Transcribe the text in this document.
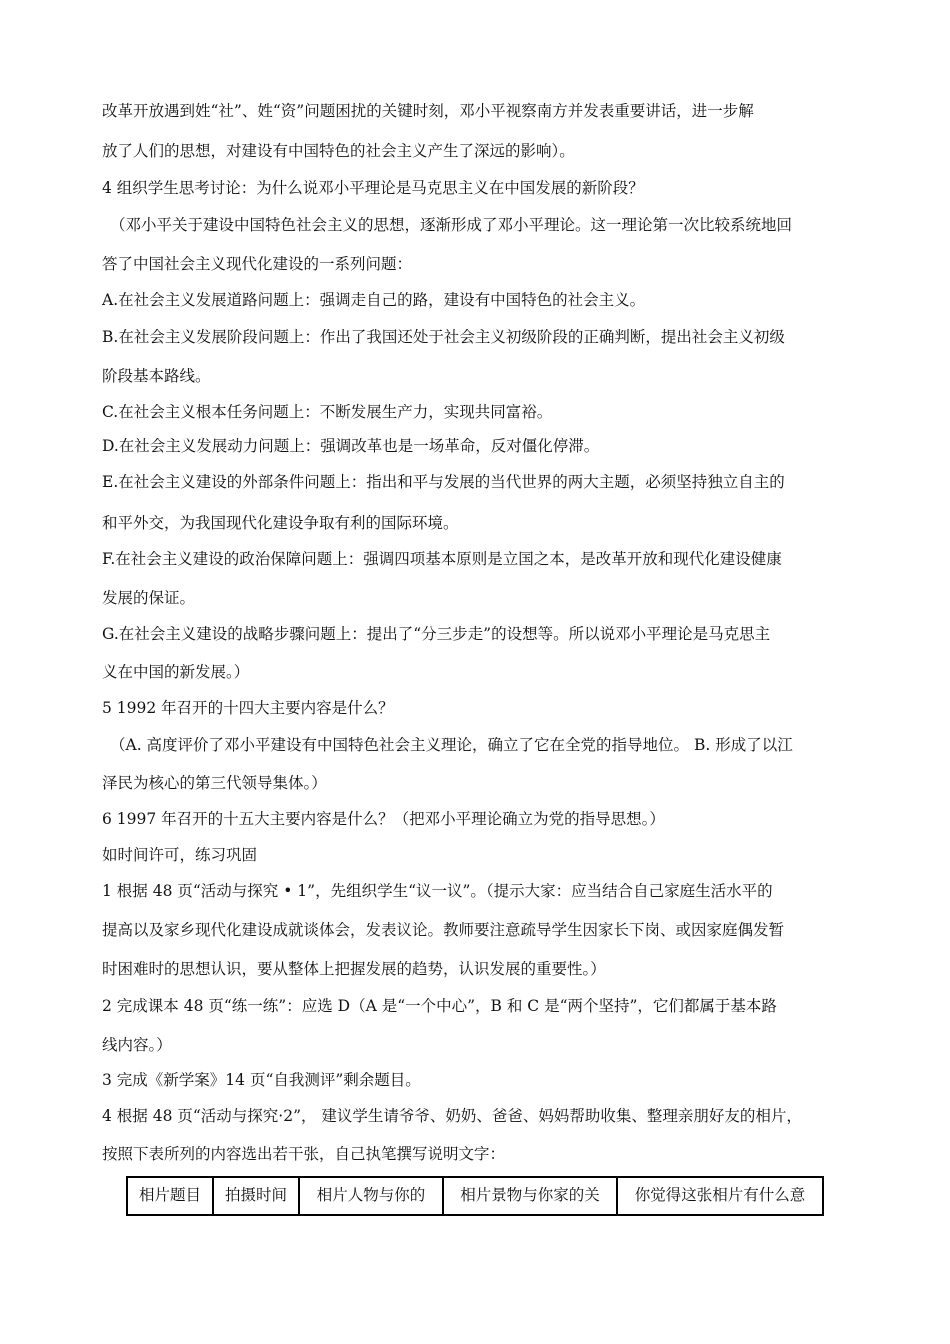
改革开放遇到姓“社”、姓“资”问题困扰的关键时刻，邓小平视察南方并发表重要讲话，进一步解
放了人们的思想，对建设有中国特色的社会主义产生了深远的影响）。
4 组织学生思考讨论：为什么说邓小平理论是马克思主义在中国发展的新阶段？
（邓小平关于建设中国特色社会主义的思想，逐渐形成了邓小平理论。这一理论第一次比较系统地回
答了中国社会主义现代化建设的一系列问题：
A.在社会主义发展道路问题上：强调走自己的路，建设有中国特色的社会主义。
B.在社会主义发展阶段问题上：作出了我国还处于社会主义初级阶段的正确判断，提出社会主义初级
阶段基本路线。
C.在社会主义根本任务问题上：不断发展生产力，实现共同富裕。
D.在社会主义发展动力问题上：强调改革也是一场革命，反对僵化停滞。
E.在社会主义建设的外部条件问题上：指出和平与发展的当代世界的两大主题，必须坚持独立自主的
和平外交，为我国现代化建设争取有利的国际环境。
F.在社会主义建设的政治保障问题上：强调四项基本原则是立国之本，是改革开放和现代化建设健康
发展的保证。
G.在社会主义建设的战略步骤问题上：提出了“分三步走”的设想等。所以说邓小平理论是马克思主
义在中国的新发展。）
5 1992 年召开的十四大主要内容是什么？
（A. 高度评价了邓小平建设有中国特色社会主义理论，确立了它在全党的指导地位。 B. 形成了以江
泽民为核心的第三代领导集体。）
6 1997 年召开的十五大主要内容是什么？（把邓小平理论确立为党的指导思想。）
如时间许可，练习巩固
1 根据 48 页“活动与探究 • 1”，先组织学生“议一议”。（提示大家：应当结合自己家庭生活水平的
提高以及家乡现代化建设成就谈体会，发表议论。教师要注意疏导学生因家长下岗、或因家庭偶发暂
时困难时的思想认识，要从整体上把握发展的趋势，认识发展的重要性。）
2 完成课本 48 页“练一练”：应选 D（A 是“一个中心”，B 和 C 是“两个坚持”，它们都属于基本路
线内容。）
3 完成《新学案》14 页“自我测评”剩余题目。
4 根据 48 页“活动与探究·2”， 建议学生请爷爷、奶奶、爸爸、妈妈帮助收集、整理亲朋好友的相片，
按照下表所列的内容选出若干张，自己执笔撰写说明文字：
相片题目	拍摄时间	相片人物与你的	相片景物与你家的关	你觉得这张相片有什么意
